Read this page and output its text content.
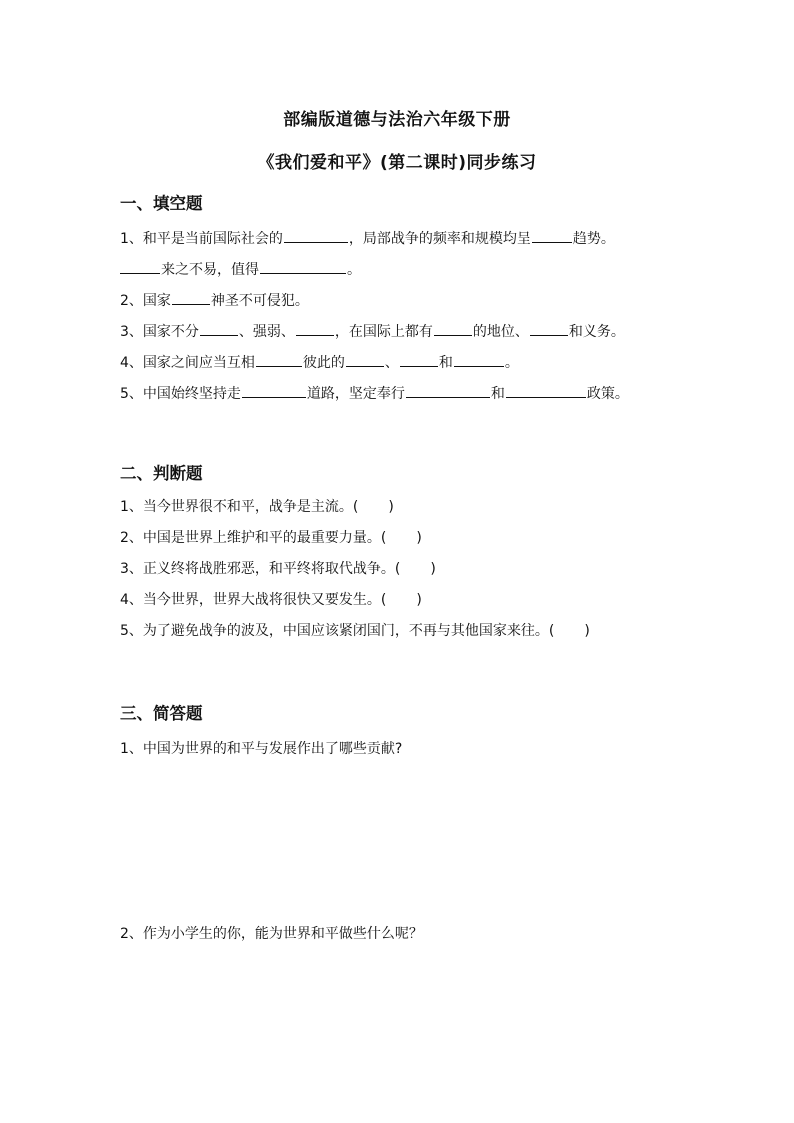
部编版道德与法治六年级下册
《我们爱和平》(第二课时)同步练习
一、填空题
1、和平是当前国际社会的	，局部战争的频率和规模均呈	趋势。
来之不易，值得	。
2、国家	神圣不可侵犯。
3、国家不分	、强弱、	，在国际上都有	的地位、	和义务。
4、国家之间应当互相	彼此的	、	和	。
5、中国始终坚持走	道路，坚定奉行	和	政策。
二、判断题
1、当今世界很不和平，战争是主流。( )
2、中国是世界上维护和平的最重要力量。( )
3、正义终将战胜邪恶，和平终将取代战争。( )
4、当今世界，世界大战将很快又要发生。( )
5、为了避免战争的波及，中国应该紧闭国门，不再与其他国家来往。( )
三、简答题
1、中国为世界的和平与发展作出了哪些贡献?
2、作为小学生的你，能为世界和平做些什么呢？
